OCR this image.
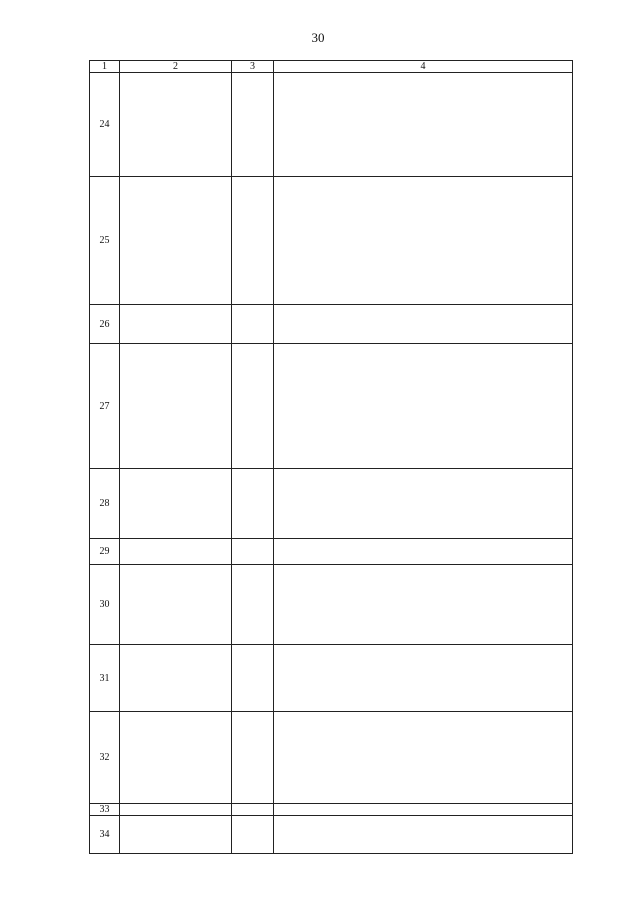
30
1	2	3	4
24			
25			
26			
27			
28			
29			
30			
31			
32			
33			
34			
